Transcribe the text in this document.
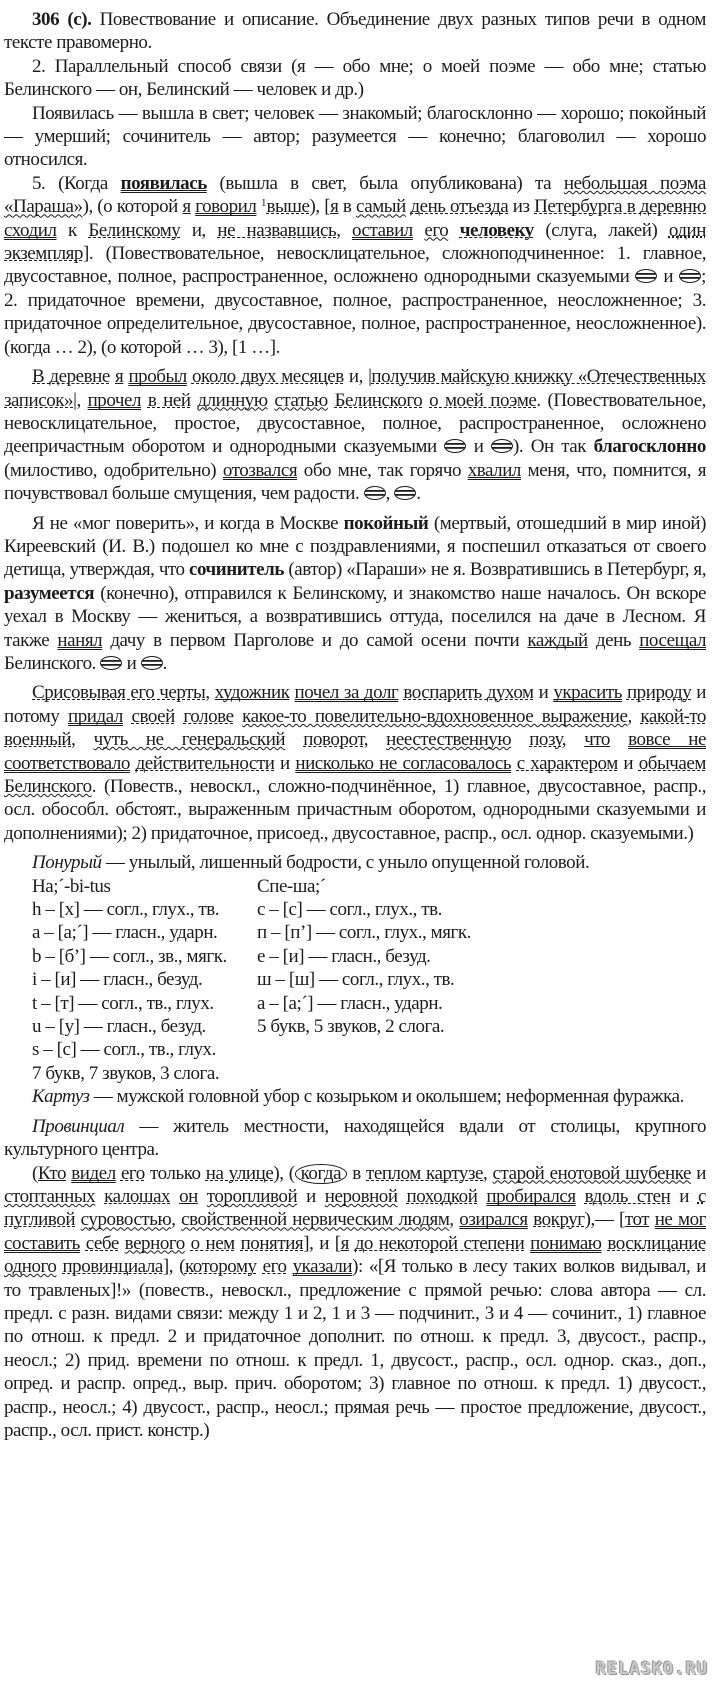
306 (с). Повествование и описание. Объединение двух разных типов речи в одном тексте правомерно.

2. Параллельный способ связи (я — обо мне; о моей поэме — обо мне; статью Белинского — он, Белинский — человек и др.)

Появилась — вышла в свет; человек — знакомый; благосклонно — хорошо; покойный — умерший; сочинитель — автор; разумеется — конечно; благоволил — хорошо относился.

5. (Когда появилась (вышла в свет, была опубликована) та небольшая поэма «Параша»), (о которой я говорил $^1$выше), [я в самый день отъезда из Петербурга в деревню сходил к Белинскому и, не назвавшись, оставил его человеку (слуга, лакей) один экземпляр]. (Повествовательное, невосклицательное, сложноподчиненное: 1. главное, двусоставное, полное, распространенное, осложнено однородными сказуемыми  и ; 2. придаточное времени, двусоставное, полное, распространенное, неосложненное; 3. придаточное определительное, двусоставное, полное, распространенное, неосложненное). (когда … 2), (о которой … 3), [1 …].

В деревне я пробыл около двух месяцев и, |получив майскую книжку «Отечественных записок»|, прочел в ней длинную статью Белинского о моей поэме. (Повествовательное, невосклицательное, простое, двусоставное, полное, распространенное, осложнено деепричастным оборотом и однородными сказуемыми  и ). Он так благосклонно (милостиво, одобрительно) отозвался обо мне, так горячо хвалил меня, что, помнится, я почувствовал больше смущения, чем радости. , .

Я не «мог поверить», и когда в Москве покойный (мертвый, отошедший в мир иной) Киреевский (И. В.) подошел ко мне с поздравлениями, я поспешил отказаться от своего детища, утверждая, что сочинитель (автор) «Параши» не я. Возвратившись в Петербург, я, разумеется (конечно), отправился к Белинскому, и знакомство наше началось. Он вскоре уехал в Москву — жениться, а возвратившись оттуда, поселился на даче в Лесном. Я также нанял дачу в первом Парголове и до самой осени почти каждый день посещал Белинского.  и .

Срисовывая его черты, художник почел за долг воспарить духом и украсить природу и потому придал своей голове какое-то повелительно-вдохновенное выражение, какой-то военный, чуть не генеральский поворот, неестественную позу, что вовсе не соответствовало действительности и нисколько не согласовалось с характером и обычаем Белинского. (Повеств., невоскл., сложно-подчинённое, 1) главное, двусоставное, распр., осл. обособл. обстоят., выраженным причастным оборотом, однородными сказуемыми и дополнениями); 2) придаточное, присоед., двусоставное, распр., осл. однор. сказуемыми.)

Понурый — унылый, лишенный бодрости, с уныло опущенной головой.

Ha;´-bi-tus
h – [х] — согл., глух., тв.
a – [а;´] — гласн., ударн.
b – [б’] — согл., зв., мягк.
i – [и] — гласн., безуд.
t – [т] — согл., тв., глух.
u – [у] — гласн., безуд.
s – [с] — согл., тв., глух.
7 букв, 7 звуков, 3 слога.
Спе-ша;´
с – [с] — согл., глух., тв.
п – [п’] — согл., глух., мягк.
е – [и] — гласн., безуд.
ш – [ш] — согл., глух., тв.
а – [а;´] — гласн., ударн.
5 букв, 5 звуков, 2 слога.

Картуз — мужской головной убор с козырьком и околышем; неформенная фуражка.

Провинциал — житель местности, находящейся вдали от столицы, крупного культурного центра.

(Кто видел его только на улице), ( когда в теплом картузе, старой енотовой шубенке и стоптанных калошах он торопливой и неровной походкой пробирался вдоль стен и с пугливой суровостью, свойственной нервическим людям, озирался вокруг),— [тот не мог составить себе верного о нем понятия], и [я до некоторой степени понимаю восклицание одного провинциала], (которому его указали): «[Я только в лесу таких волков видывал, и то травленых]!» (повеств., невоскл., предложение с прямой речью: слова автора — сл. предл. с разн. видами связи: между 1 и 2, 1 и 3 — подчинит., 3 и 4 — сочинит., 1) главное по отнош. к предл. 2 и придаточное дополнит. по отнош. к предл. 3, двусост., распр., неосл.; 2) прид. времени по отнош. к предл. 1, двусост., распр., осл. однор. сказ., доп., опред. и распр. опред., выр. прич. оборотом; 3) главное по отнош. к предл. 1) двусост., распр., неосл.; 4) двусост., распр., неосл.; прямая речь — простое предложение, двусост., распр., осл. прист. констр.)

RELASKO.RU
